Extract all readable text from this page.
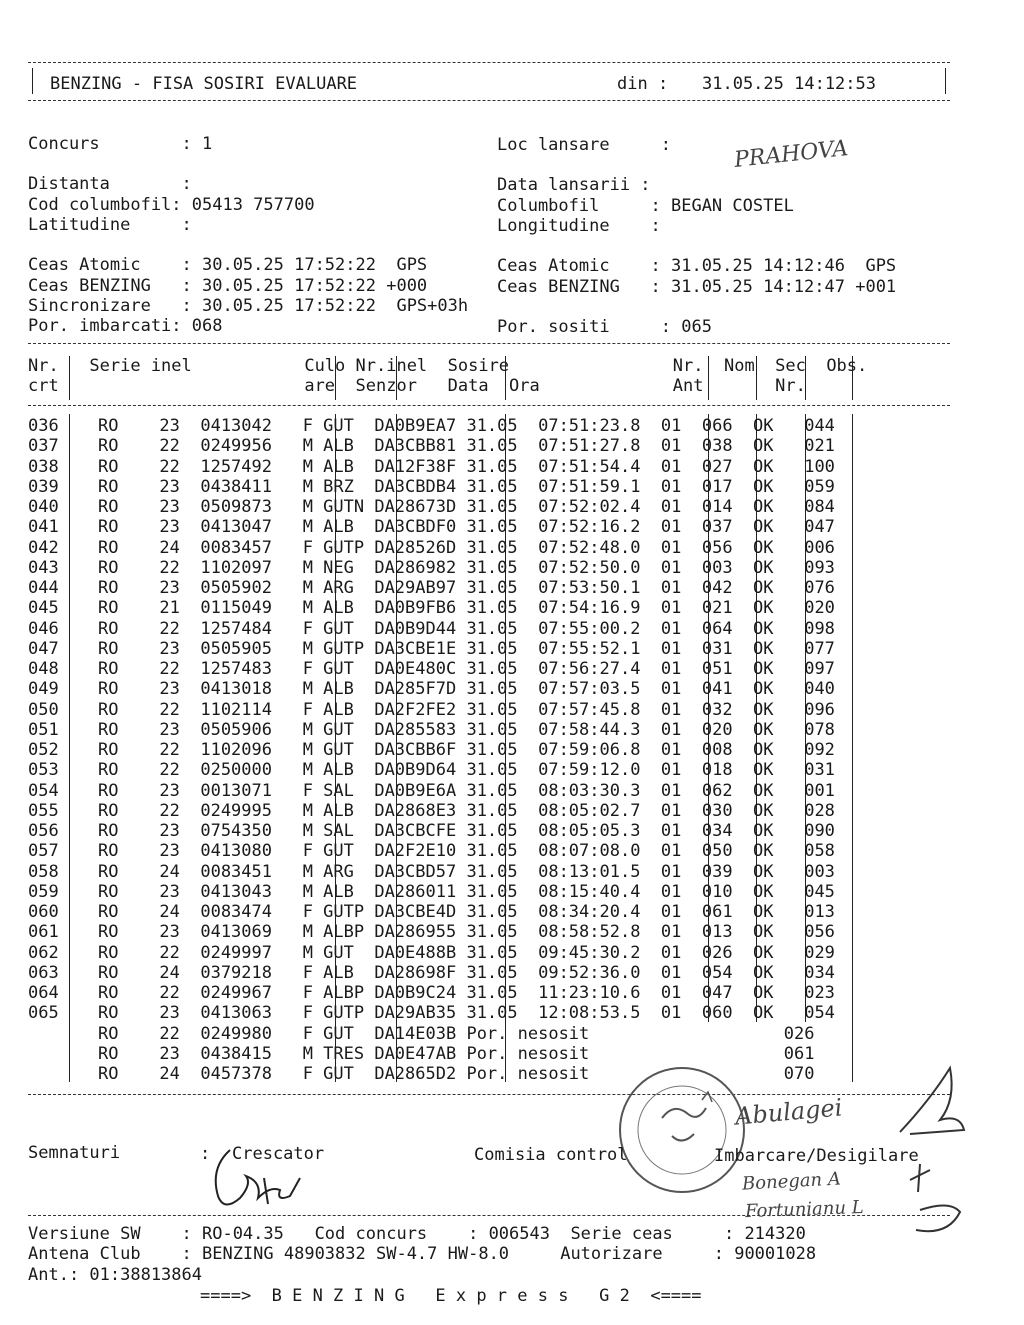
BENZING - FISA SOSIRI EVALUARE	din : 31.05.25 14:12:53
Concurs        : 1	Loc lansare     :	PRAHOVA
Distanta       :	Data lansarii :
Cod columbofil: 05413 757700	Columbofil     : BEGAN COSTEL
Latitudine     :	Longitudine    :
Ceas Atomic    : 30.05.25 17:52:22  GPS	Ceas Atomic    : 31.05.25 14:12:46  GPS
Ceas BENZING   : 30.05.25 17:52:22 +000	Ceas BENZING   : 31.05.25 14:12:47 +001
Sincronizare   : 30.05.25 17:52:22  GPS+03h
Por. imbarcati: 068	Por. sositi     : 065
Nr.   Serie inel           Culo Nr.inel  Sosire                Nr.  Nom  Sec  Obs.
crt                        are  Senzor   Data  Ora             Ant       Nr.
036	RO    23  0413042   F GUT  DA0B9EA7 31.05  07:51:23.8  01  066  OK   044
037	RO    22  0249956   M ALB  DA3CBB81 31.05  07:51:27.8  01  038  OK   021
038	RO    22  1257492   M ALB  DA12F38F 31.05  07:51:54.4  01  027  OK   100
039	RO    23  0438411   M BRZ  DA3CBDB4 31.05  07:51:59.1  01  017  OK   059
040	RO    23  0509873   M GUTN DA28673D 31.05  07:52:02.4  01  014  OK   084
041	RO    23  0413047   M ALB  DA3CBDF0 31.05  07:52:16.2  01  037  OK   047
042	RO    24  0083457   F GUTP DA28526D 31.05  07:52:48.0  01  056  OK   006
043	RO    22  1102097   M NEG  DA286982 31.05  07:52:50.0  01  003  OK   093
044	RO    23  0505902   M ARG  DA29AB97 31.05  07:53:50.1  01  042  OK   076
045	RO    21  0115049   M ALB  DA0B9FB6 31.05  07:54:16.9  01  021  OK   020
046	RO    22  1257484   F GUT  DA0B9D44 31.05  07:55:00.2  01  064  OK   098
047	RO    23  0505905   M GUTP DA3CBE1E 31.05  07:55:52.1  01  031  OK   077
048	RO    22  1257483   F GUT  DA0E480C 31.05  07:56:27.4  01  051  OK   097
049	RO    23  0413018   M ALB  DA285F7D 31.05  07:57:03.5  01  041  OK   040
050	RO    22  1102114   F ALB  DA2F2FE2 31.05  07:57:45.8  01  032  OK   096
051	RO    23  0505906   M GUT  DA285583 31.05  07:58:44.3  01  020  OK   078
052	RO    22  1102096   M GUT  DA3CBB6F 31.05  07:59:06.8  01  008  OK   092
053	RO    22  0250000   M ALB  DA0B9D64 31.05  07:59:12.0  01  018  OK   031
054	RO    23  0013071   F SAL  DA0B9E6A 31.05  08:03:30.3  01  062  OK   001
055	RO    22  0249995   M ALB  DA2868E3 31.05  08:05:02.7  01  030  OK   028
056	RO    23  0754350   M SAL  DA3CBCFE 31.05  08:05:05.3  01  034  OK   090
057	RO    23  0413080   F GUT  DA2F2E10 31.05  08:07:08.0  01  050  OK   058
058	RO    24  0083451   M ARG  DA3CBD57 31.05  08:13:01.5  01  039  OK   003
059	RO    23  0413043   M ALB  DA286011 31.05  08:15:40.4  01  010  OK   045
060	RO    24  0083474   F GUTP DA3CBE4D 31.05  08:34:20.4  01  061  OK   013
061	RO    23  0413069   M ALBP DA286955 31.05  08:58:52.8  01  013  OK   056
062	RO    22  0249997   M GUT  DA0E488B 31.05  09:45:30.2  01  026  OK   029
063	RO    24  0379218   F ALB  DA28698F 31.05  09:52:36.0  01  054  OK   034
064	RO    22  0249967   F ALBP DA0B9C24 31.05  11:23:10.6  01  047  OK   023
065	RO    23  0413063   F GUTP DA29AB35 31.05  12:08:53.5  01  060  OK   054
RO    22  0249980   F GUT  DA14E03B Por. nesosit                   026
RO    23  0438415   M TRES DA0E47AB Por. nesosit                   061
RO    24  0457378   F GUT  DA2865D2 Por. nesosit                   070
Semnaturi	: Crescator	Comisia control	Imbarcare/Desigilare
Abulagei
Bonegan A
Fortunianu L
Versiune SW    : RO-04.35   Cod concurs    : 006543  Serie ceas     : 214320
Antena Club    : BENZING 48903832 SW-4.7 HW-8.0     Autorizare     : 90001028
Ant.: 01:38813864
====>  B E N Z I N G   E x p r e s s   G 2  <====
